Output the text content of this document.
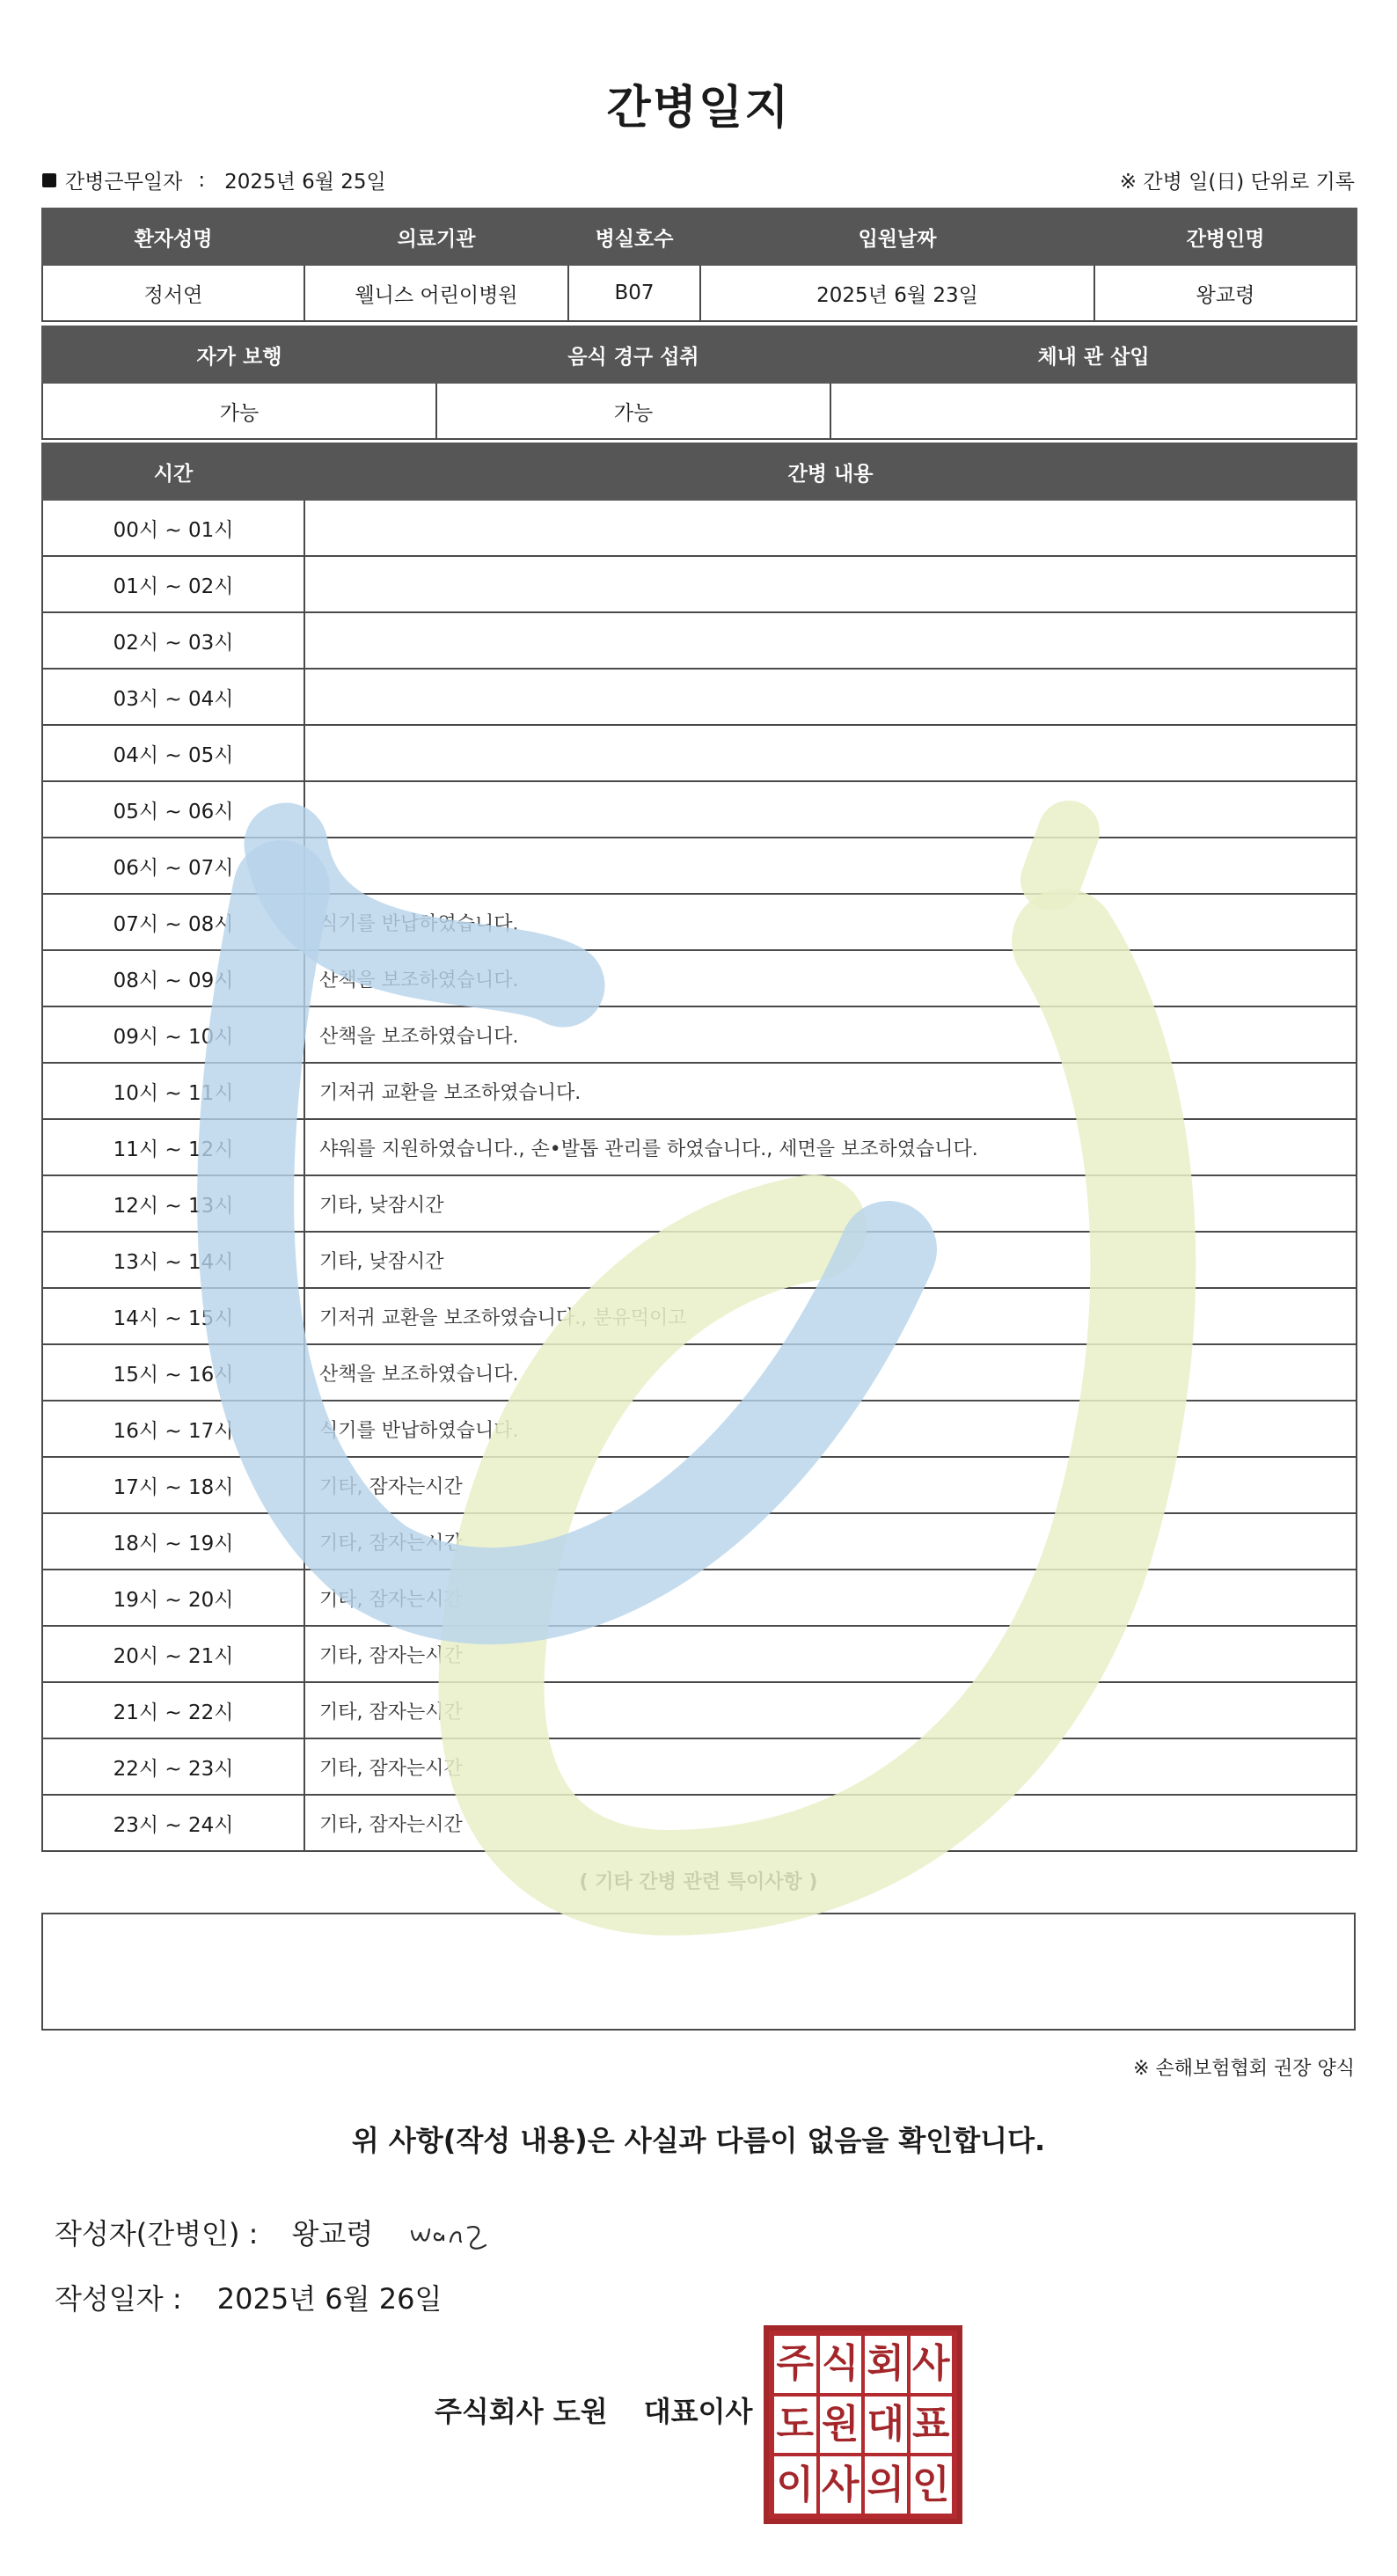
간병일지
간병근무일자 : 2025년 6월 25일	※ 간병 일(日) 단위로 기록
환자성명	의료기관	병실호수	입원날짜	간병인명
정서연	웰니스 어린이병원	B07	2025년 6월 23일	왕교령
자가 보행	음식 경구 섭취	체내 관 삽입
가능	가능	
시간	간병 내용
00시 ~ 01시	
01시 ~ 02시	
02시 ~ 03시	
03시 ~ 04시	
04시 ~ 05시	
05시 ~ 06시	
06시 ~ 07시	
07시 ~ 08시	식기를 반납하였습니다.
08시 ~ 09시	산책을 보조하였습니다.
09시 ~ 10시	산책을 보조하였습니다.
10시 ~ 11시	기저귀 교환을 보조하였습니다.
11시 ~ 12시	샤워를 지원하였습니다., 손•발톱 관리를 하였습니다., 세면을 보조하였습니다.
12시 ~ 13시	기타, 낮잠시간
13시 ~ 14시	기타, 낮잠시간
14시 ~ 15시	기저귀 교환을 보조하였습니다., 분유먹이고
15시 ~ 16시	산책을 보조하였습니다.
16시 ~ 17시	식기를 반납하였습니다.
17시 ~ 18시	기타, 잠자는시간
18시 ~ 19시	기타, 잠자는시간
19시 ~ 20시	기타, 잠자는시간
20시 ~ 21시	기타, 잠자는시간
21시 ~ 22시	기타, 잠자는시간
22시 ~ 23시	기타, 잠자는시간
23시 ~ 24시	기타, 잠자는시간
( 기타 간병 관련 특이사항 )
※ 손해보험협회 권장 양식
위 사항(작성 내용)은 사실과 다름이 없음을 확인합니다.
작성자(간병인) : 왕교령
작성일자 : 2025년 6월 26일
주식회사 도원 대표이사
주 식 회 사
도 원 대 표
이 사 의 인
